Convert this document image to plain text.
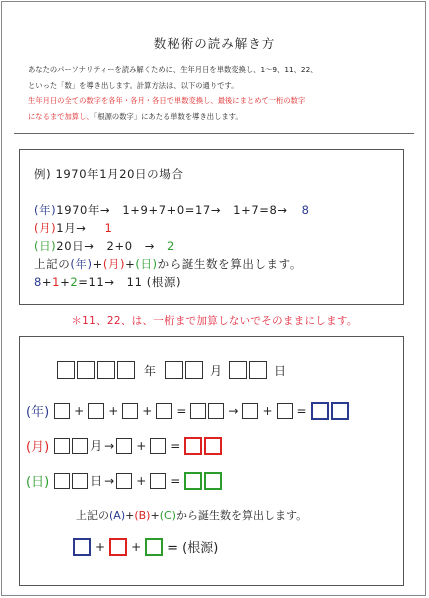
数秘術の読み解き方
あなたのパーソナリティーを読み解くために、生年月日を単数変換し、1～9、11、22、
といった「数」を導き出します。計算方法は、以下の通りです。
生年月日の全ての数字を各年・各月・各日で単数変換し、最後にまとめて一桁の数字
になるまで加算し、「根源の数字」にあたる単数を導き出します。
例) 1970年1月20日の場合
(年)1970年→　1+9+7+0=17→　1+7=8→ 8
(月)1月→ 1
(日)20日→　2+0　→ 2
上記の(年)+(月)+(日)から誕生数を算出します。
8+1+2=11→　11 (根源)
＊11、22、は、一桁まで加算しないでそのままにします。
年	月	日
(年) + + + =	→ + =
(月)	月 → + =
(日)	日 → + =
上記の (A) + (B) + (C) から誕生数を算出します。
+ + = (根源)
